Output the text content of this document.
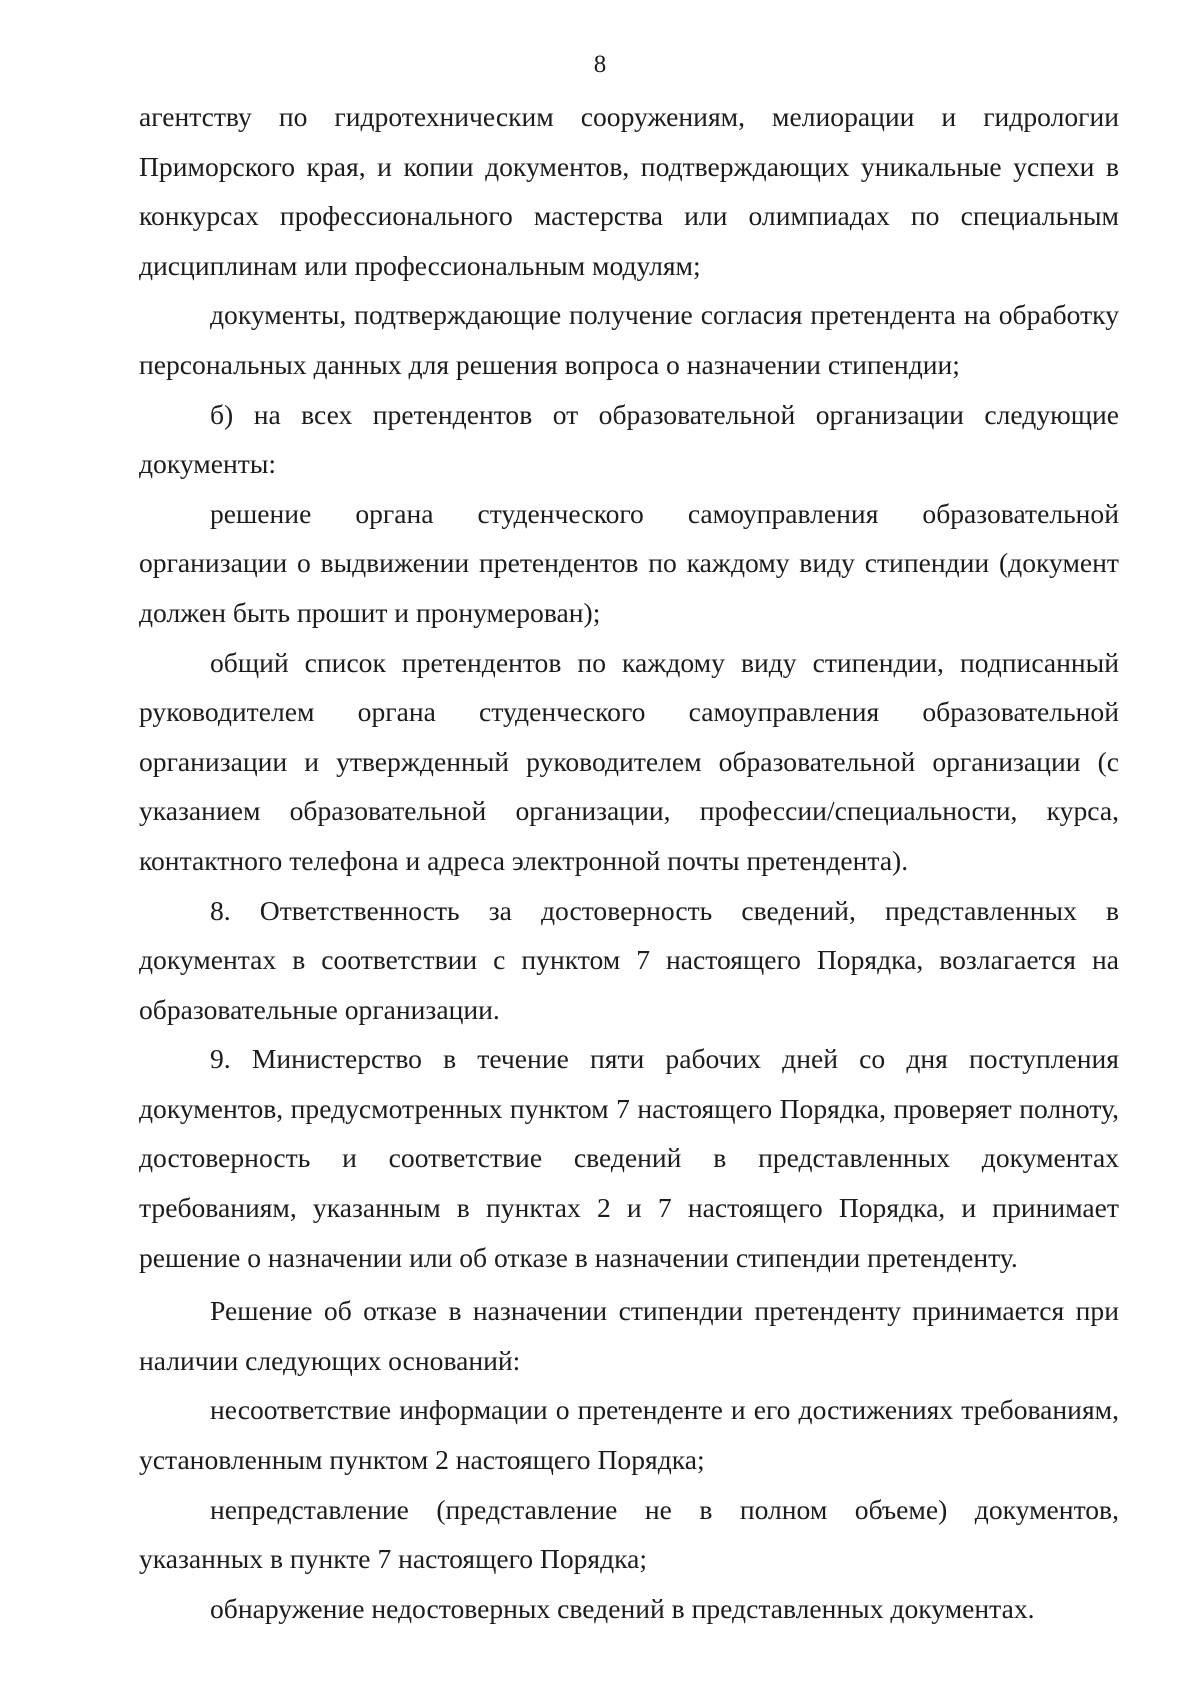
8

агентству по гидротехническим сооружениям, мелиорации и гидрологии Приморского края, и копии документов, подтверждающих уникальные успехи в конкурсах профессионального мастерства или олимпиадах по специальным дисциплинам или профессиональным модулям;

документы, подтверждающие получение согласия претендента на обработку персональных данных для решения вопроса о назначении стипендии;

б) на всех претендентов от образовательной организации следующие документы:

решение органа студенческого самоуправления образовательной организации о выдвижении претендентов по каждому виду стипендии (документ должен быть прошит и пронумерован);

общий список претендентов по каждому виду стипендии, подписанный руководителем органа студенческого самоуправления образовательной организации и утвержденный руководителем образовательной организации (с указанием образовательной организации, профессии/специальности, курса, контактного телефона и адреса электронной почты претендента).

8. Ответственность за достоверность сведений, представленных в документах в соответствии с пунктом 7 настоящего Порядка, возлагается на образовательные организации.

9. Министерство в течение пяти рабочих дней со дня поступления документов, предусмотренных пунктом 7 настоящего Порядка, проверяет полноту, достоверность и соответствие сведений в представленных документах требованиям, указанным в пунктах 2 и 7 настоящего Порядка, и принимает решение о назначении или об отказе в назначении стипендии претенденту.

Решение об отказе в назначении стипендии претенденту принимается при наличии следующих оснований:

несоответствие информации о претенденте и его достижениях требованиям, установленным пунктом 2 настоящего Порядка;

непредставление (представление не в полном объеме) документов, указанных в пункте 7 настоящего Порядка;

обнаружение недостоверных сведений в представленных документах.
